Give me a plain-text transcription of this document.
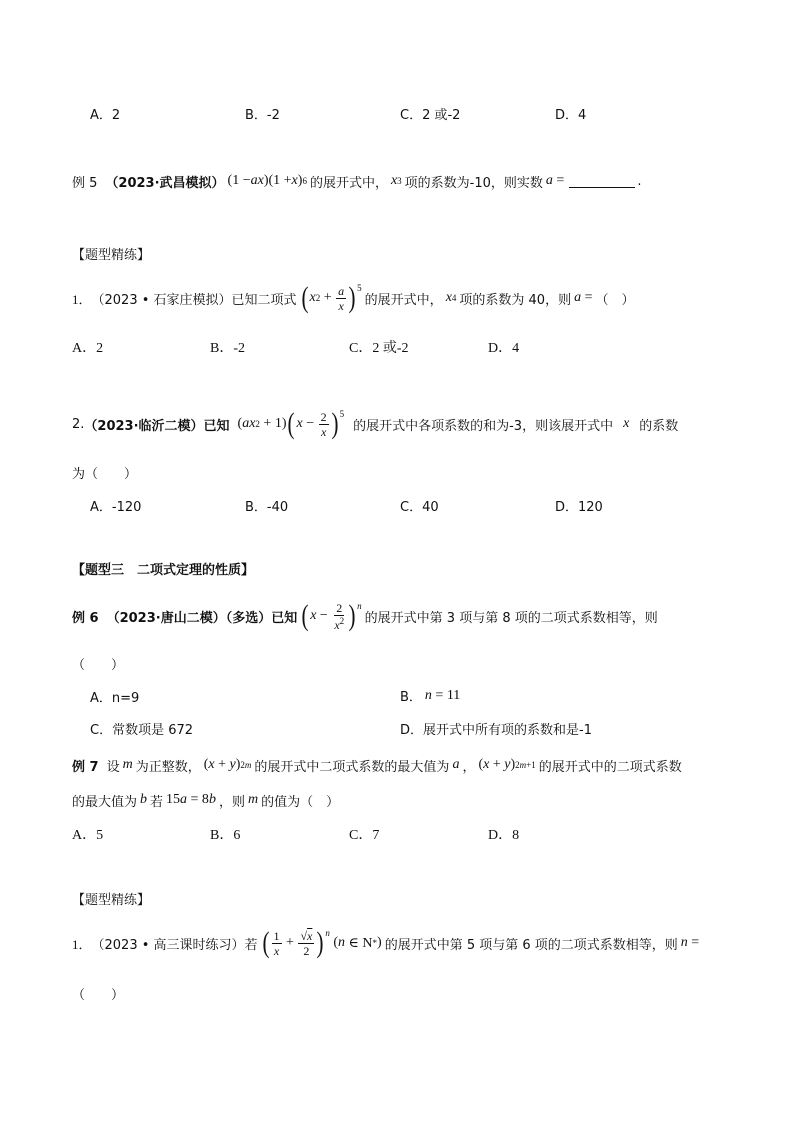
A．2	B．-2	C．2 或-2	D．4
例 5 （2023·武昌模拟） (1 − ax )(1 + x ) 6 的展开式中， x 3 项的系数为-10，则实数 a =	.
【题型精练】
1． （2023 • 石家庄模拟）已知二项式 ( x $2 + \frac{a}{x} )^5$
的展开式中， x 4 项的系数为 40，则 a = （　）
A．2	B．-2	C．2 或-2	D．4
2. （2023·临沂二模）已知 ( ax 2 + 1) ( $x - \frac{2}{x} )^5$
的展开式中各项系数的和为-3，则该展开式中 x 的系数
为（　　）
A．-120	B．-40	C．40	D．120
【题型三　二项式定理的性质】
例 6 （2023·唐山二模）（多选）已知 ( $x - \frac{2}{x^2} )^n$
的展开式中第 3 项与第 8 项的二项式系数相等，则
（　　）
A．n=9	B． n = 11
C．常数项是 672	D．展开式中所有项的系数和是-1
例 7 设 m 为正整数， ( x + y ) 2m 的展开式中二项式系数的最大值为 a ， ( x + y ) 2m+1 的展开式中的二项式系数
的最大值为 b 若 15 a = 8 b ，则 m 的值为（　）
A．5	B．6	C．7	D．8
【题型精练】
1． （2023 • 高三课时练习）若 ( $\frac{1}{x} + \frac{√x}{2} )^n$
( n ∈ N * ) 的展开式中第 5 项与第 6 项的二项式系数相等，则 n =
（　　）
